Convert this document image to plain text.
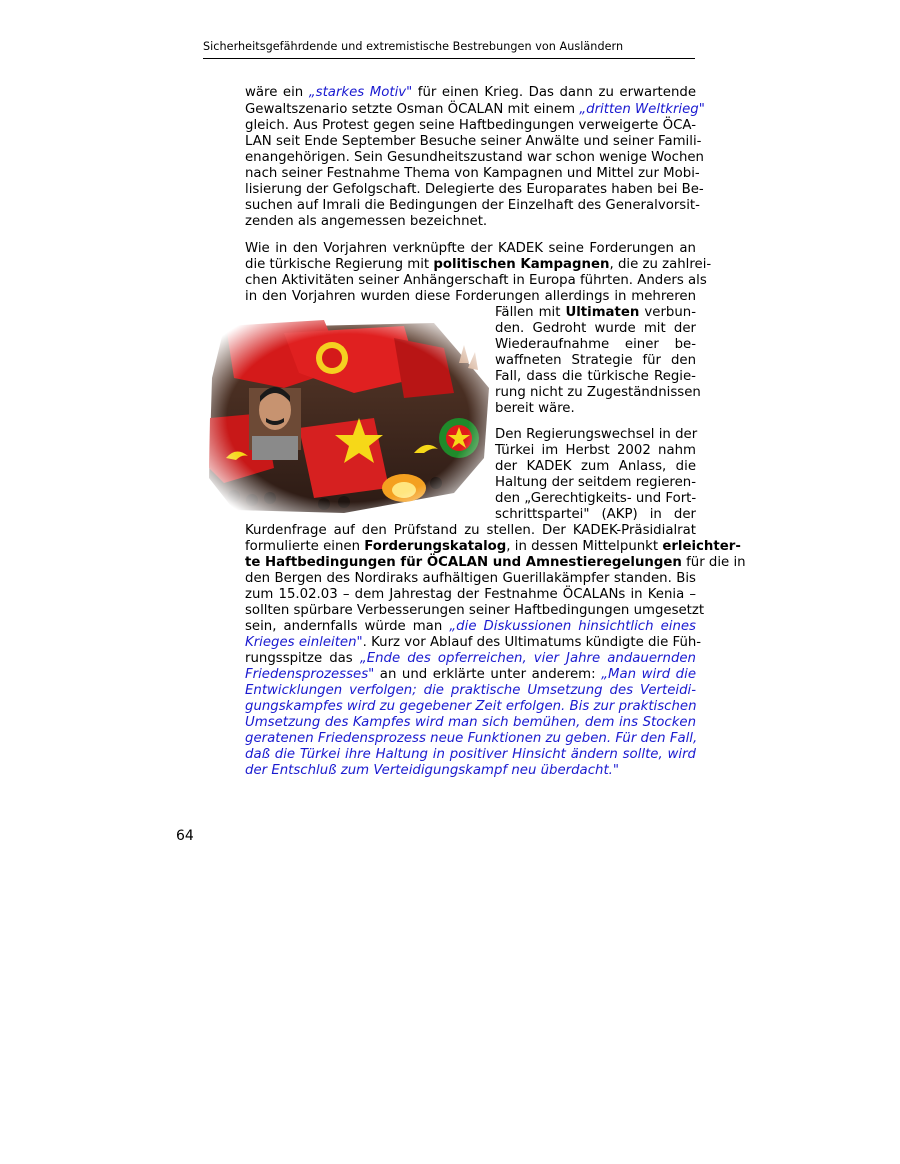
Sicherheitsgefährdende und extremistische Bestrebungen von Ausländern
wäre ein „starkes Motiv" für einen Krieg. Das dann zu erwartende
Gewaltszenario setzte Osman ÖCALAN mit einem „dritten Weltkrieg"
gleich. Aus Protest gegen seine Haftbedingungen verweigerte ÖCA-
LAN seit Ende September Besuche seiner Anwälte und seiner Famili-
enangehörigen. Sein Gesundheitszustand war schon wenige Wochen
nach seiner Festnahme Thema von Kampagnen und Mittel zur Mobi-
lisierung der Gefolgschaft. Delegierte des Europarates haben bei Be-
suchen auf Imrali die Bedingungen der Einzelhaft des Generalvorsit-
zenden als angemessen bezeichnet.
Wie in den Vorjahren verknüpfte der KADEK seine Forderungen an
die türkische Regierung mit politischen Kampagnen, die zu zahlrei-
chen Aktivitäten seiner Anhängerschaft in Europa führten. Anders als
in den Vorjahren wurden diese Forderungen allerdings in mehreren
Fällen mit Ultimaten verbun-
den. Gedroht wurde mit der
Wiederaufnahme einer be-
waffneten Strategie für den
Fall, dass die türkische Regie-
rung nicht zu Zugeständnissen
bereit wäre.
Den Regierungswechsel in der
Türkei im Herbst 2002 nahm
der KADEK zum Anlass, die
Haltung der seitdem regieren-
den „Gerechtigkeits- und Fort-
schrittspartei" (AKP) in der
Kurdenfrage auf den Prüfstand zu stellen. Der KADEK-Präsidialrat
formulierte einen Forderungskatalog, in dessen Mittelpunkt erleichter-
te Haftbedingungen für ÖCALAN und Amnestieregelungen für die in
den Bergen des Nordiraks aufhältigen Guerillakämpfer standen. Bis
zum 15.02.03 – dem Jahrestag der Festnahme ÖCALANs in Kenia –
sollten spürbare Verbesserungen seiner Haftbedingungen umgesetzt
sein, andernfalls würde man „die Diskussionen hinsichtlich eines
Krieges einleiten". Kurz vor Ablauf des Ultimatums kündigte die Füh-
rungsspitze das „Ende des opferreichen, vier Jahre andauernden
Friedensprozesses" an und erklärte unter anderem: „Man wird die
Entwicklungen verfolgen; die praktische Umsetzung des Verteidi-
gungskampfes wird zu gegebener Zeit erfolgen. Bis zur praktischen
Umsetzung des Kampfes wird man sich bemühen, dem ins Stocken
geratenen Friedensprozess neue Funktionen zu geben. Für den Fall,
daß die Türkei ihre Haltung in positiver Hinsicht ändern sollte, wird
der Entschluß zum Verteidigungskampf neu überdacht."
64
